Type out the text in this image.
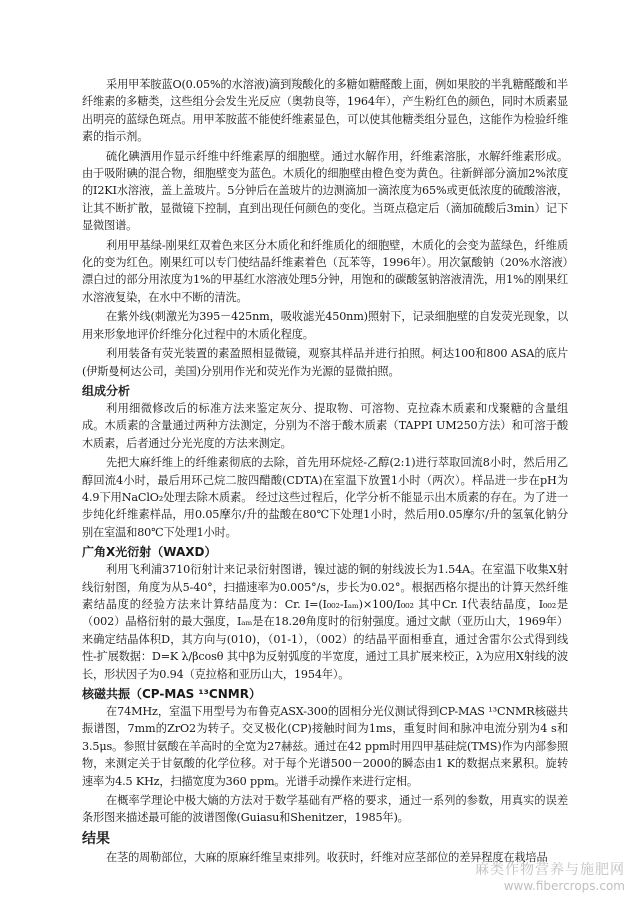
采用甲苯胺蓝O(0.05%的水溶液)滴到羧酸化的多糖如糖醛酸上面，例如果胶的半乳糖醛酸和半纤维素的多糖类，这些组分会发生光反应（奥勃良等，1964年），产生粉红色的颜色，同时木质素显出明亮的蓝绿色斑点。用甲苯胺蓝不能使纤维素显色，可以使其他糖类组分显色，这能作为检验纤维素的指示剂。

硫化碘酒用作显示纤维中纤维素厚的细胞壁。通过水解作用，纤维素溶胀，水解纤维素形成。由于吸附碘的混合物，细胞壁变为蓝色。木质化的细胞壁由橙色变为黄色。往新鲜部分滴加2%浓度的I2KI水溶液，盖上盖玻片。5分钟后在盖玻片的边测滴加一滴浓度为65%或更低浓度的硫酸溶液，让其不断扩散，显微镜下控制，直到出现任何颜色的变化。当斑点稳定后（滴加硫酸后3min）记下显微图谱。

利用甲基绿-刚果红双着色来区分木质化和纤维质化的细胞壁，木质化的会变为蓝绿色，纤维质化的变为红色。刚果红可以专门使结晶纤维素着色（瓦苯等，1996年）。用次氯酸钠（20%水溶液）漂白过的部分用浓度为1%的甲基红水溶液处理5分钟，用饱和的碳酸氢钠溶液清洗，用1%的刚果红水溶液复染，在水中不断的清洗。

在紫外线(刺激光为395－425nm，吸收滤光450nm)照射下，记录细胞壁的自发荧光现象，以用来形象地评价纤维分化过程中的木质化程度。

利用装备有荧光装置的素盈照相显微镜，观察其样品并进行拍照。柯达100和800 ASA的底片(伊斯曼柯达公司，美国)分别用作光和荧光作为光源的显微拍照。

组成分析

利用细微修改后的标准方法来鉴定灰分、提取物、可溶物、克拉森木质素和戊聚糖的含量组成。木质素的含量通过两种方法测定，分别为不溶于酸木质素（TAPPI UM250方法）和可溶于酸木质素，后者通过分光光度的方法来测定。

先把大麻纤维上的纤维素彻底的去除，首先用环烷烃-乙醇(2:1)进行萃取回流8小时，然后用乙醇回流4小时，最后用环己烷二胺四醋酸(CDTA)在室温下放置1小时（两次）。样品进一步在pH为4.9下用NaClO₂处理去除木质素。 经过这些过程后，化学分析不能显示出木质素的存在。为了进一步纯化纤维素样品，用0.05摩尔/升的盐酸在80℃下处理1小时，然后用0.05摩尔/升的氢氧化钠分别在室温和80℃下处理1小时。

广角X光衍射（WAXD）

利用飞利浦3710衍射计来记录衍射图谱，镍过滤的铜的射线波长为1.54A。在室温下收集X射线衍射图，角度为从5-40°，扫描速率为0.005°/s，步长为0.02°。根据西格尔提出的计算天然纤维素结晶度的经验方法来计算结晶度为：Cr. I=(I₀₀₂-Iₐₘ)×100/I₀₀₂ 其中Cr. I代表结晶度，I₀₀₂是（002）晶格衍射的最大强度，Iₐₘ是在18.2θ角度时的衍射强度。通过文献（亚历山大，1969年）来确定结晶体积D，其方向与(010)，（01-1），（002）的结晶平面相垂直，通过舍雷尔公式得到线性-扩展数据：D=K λ/βcosθ 其中β为反射弧度的半宽度，通过工具扩展来校正，λ为应用X射线的波长，形状因子为0.94（克拉格和亚历山大，1954年）。

核磁共振（CP-MAS ¹³CNMR）

在74MHz，室温下用型号为布鲁克ASX-300的固相分光仪测试得到CP-MAS ¹³CNMR核磁共振谱图，7mm的ZrO2为转子。交叉极化(CP)接触时间为1ms，重复时间和脉冲电流分别为4 s和3.5μs。参照甘氨酸在羊高时的全宽为27赫兹。通过在42 ppm时用四甲基硅烷(TMS)作为内部参照物，来测定关于甘氨酸的化学位移。对于每个光谱500－2000的瞬态由1 K的数据点来累积。旋转速率为4.5 KHz，扫描宽度为360 ppm。光谱手动操作来进行定相。

在概率学理论中极大熵的方法对于数学基础有严格的要求，通过一系列的参数，用真实的误差条形图来描述最可能的波谱图像(Guiasu和Shenitzer，1985年)。

结果

在茎的周勒部位，大麻的原麻纤维呈束排列。收获时，纤维对应茎部位的差异程度在栽培品

麻类作物营养与施肥网
www.fibercrops.com
